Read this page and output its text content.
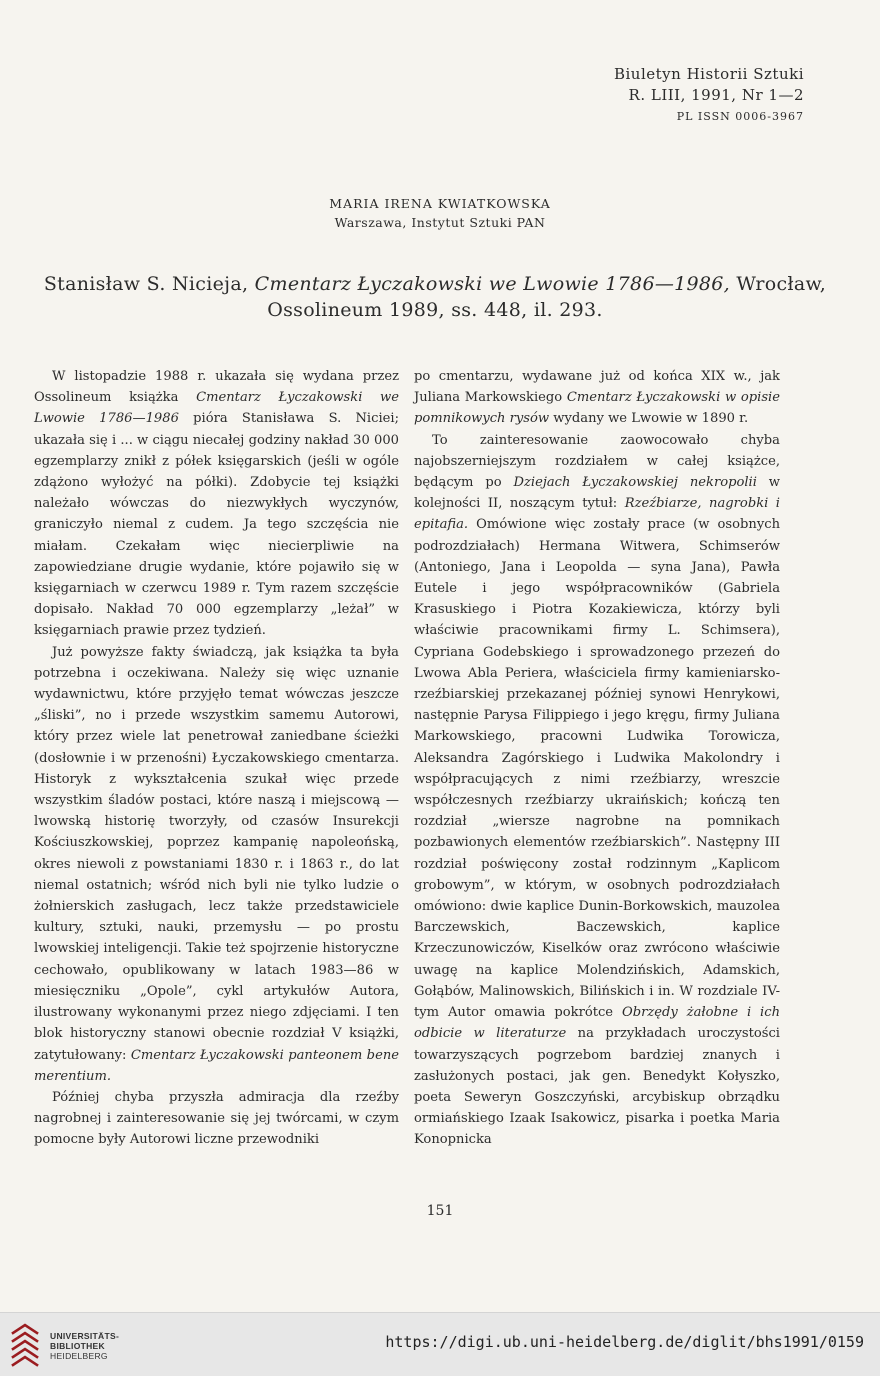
Biuletyn Historii Sztuki
R. LIII, 1991, Nr 1—2
PL ISSN 0006-3967
MARIA IRENA KWIATKOWSKA
Warszawa, Instytut Sztuki PAN
Stanisław S. Nicieja, Cmentarz Łyczakowski we Lwowie 1786—1986, Wrocław, Ossolineum 1989, ss. 448, il. 293.

W listopadzie 1988 r. ukazała się wydana przez Ossolineum książka Cmentarz Łyczakowski we Lwowie 1786—1986 pióra Stanisława S. Niciei; ukazała się i ... w ciągu niecałej godziny nakład 30 000 egzemplarzy znikł z półek księgarskich (jeśli w ogóle zdążono wyłożyć na półki). Zdobycie tej książki należało wówczas do niezwykłych wyczynów, graniczyło niemal z cudem. Ja tego szczęścia nie miałam. Czekałam więc niecierpliwie na zapowiedziane drugie wydanie, które pojawiło się w księgarniach w czerwcu 1989 r. Tym razem szczęście dopisało. Nakład 70 000 egzemplarzy „leżał” w księgarniach prawie przez tydzień.

Już powyższe fakty świadczą, jak książka ta była potrzebna i oczekiwana. Należy się więc uznanie wydawnictwu, które przyjęło temat wówczas jeszcze „śliski”, no i przede wszystkim samemu Autorowi, który przez wiele lat penetrował zaniedbane ścieżki (dosłownie i w przenośni) Łyczakowskiego cmentarza. Historyk z wykształcenia szukał więc przede wszystkim śladów postaci, które naszą i miejscową — lwowską historię tworzyły, od czasów Insurekcji Kościuszkowskiej, poprzez kampanię napoleońską, okres niewoli z powstaniami 1830 r. i 1863 r., do lat niemal ostatnich; wśród nich byli nie tylko ludzie o żołnierskich zasługach, lecz także przedstawiciele kultury, sztuki, nauki, przemysłu — po prostu lwowskiej inteligencji. Takie też spojrzenie historyczne cechowało, opublikowany w latach 1983—86 w miesięczniku „Opole”, cykl artykułów Autora, ilustrowany wykonanymi przez niego zdjęciami. I ten blok historyczny stanowi obecnie rozdział V książki, zatytułowany: Cmentarz Łyczakowski panteonem bene merentium.

Później chyba przyszła admiracja dla rzeźby nagrobnej i zainteresowanie się jej twórcami, w czym pomocne były Autorowi liczne przewodniki

po cmentarzu, wydawane już od końca XIX w., jak Juliana Markowskiego Cmentarz Łyczakowski w opisie pomnikowych rysów wydany we Lwowie w 1890 r.

To zainteresowanie zaowocowało chyba najobszerniejszym rozdziałem w całej książce, będącym po Dziejach Łyczakowskiej nekropolii w kolejności II, noszącym tytuł: Rzeźbiarze, nagrobki i epitafia. Omówione więc zostały prace (w osobnych podrozdziałach) Hermana Witwera, Schimserów (Antoniego, Jana i Leopolda — syna Jana), Pawła Eutele i jego współpracowników (Gabriela Krasuskiego i Piotra Kozakiewicza, którzy byli właściwie pracownikami firmy L. Schimsera), Cypriana Godebskiego i sprowadzonego przezeń do Lwowa Abla Periera, właściciela firmy kamieniarsko-rzeźbiarskiej przekazanej później synowi Henrykowi, następnie Parysa Filippiego i jego kręgu, firmy Juliana Markowskiego, pracowni Ludwika Torowicza, Aleksandra Zagórskiego i Ludwika Makolondry i współpracujących z nimi rzeźbiarzy, wreszcie współczesnych rzeźbiarzy ukraińskich; kończą ten rozdział „wiersze nagrobne na pomnikach pozbawionych elementów rzeźbiarskich”. Następny III rozdział poświęcony został rodzinnym „Kaplicom grobowym”, w którym, w osobnych podrozdziałach omówiono: dwie kaplice Dunin-Borkowskich, mauzolea Barczewskich, Baczewskich, kaplice Krzeczunowiczów, Kiselków oraz zwrócono właściwie uwagę na kaplice Molendzińskich, Adamskich, Gołąbów, Malinowskich, Bilińskich i in. W rozdziale IV-tym Autor omawia pokrótce Obrzędy żałobne i ich odbicie w literaturze na przykładach uroczystości towarzyszących pogrzebom bardziej znanych i zasłużonych postaci, jak gen. Benedykt Kołyszko, poeta Seweryn Goszczyński, arcybiskup obrządku ormiańskiego Izaak Isakowicz, pisarka i poetka Maria Konopnicka

151
UNIVERSITÄTS-
BIBLIOTHEK
HEIDELBERG
https://digi.ub.uni-heidelberg.de/diglit/bhs1991/0159
